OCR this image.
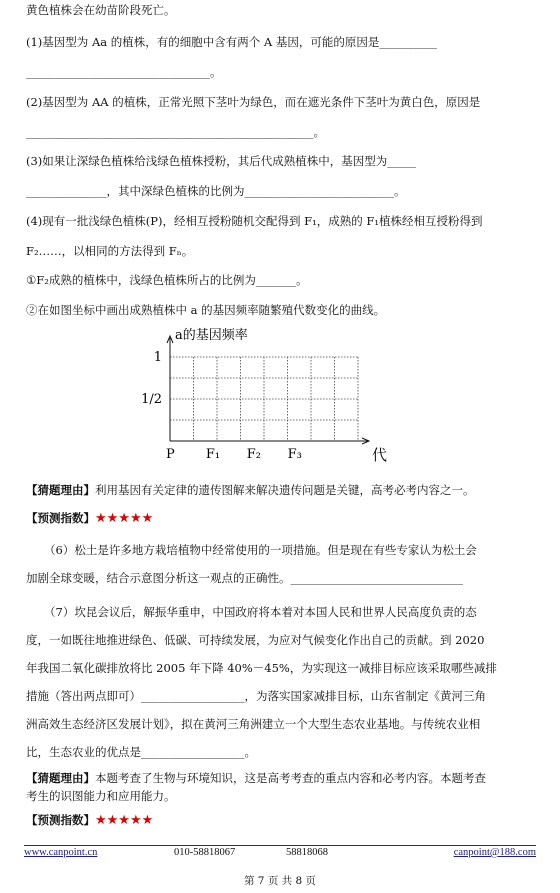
黄色植株会在幼苗阶段死亡。
(1)基因型为 Aa 的植株，有的细胞中含有两个 A 基因，可能的原因是__________
________________________________。
(2)基因型为 AA 的植株，正常光照下茎叶为绿色，而在遮光条件下茎叶为黄白色，原因是
__________________________________________________。
(3)如果让深绿色植株给浅绿色植株授粉，其后代成熟植株中，基因型为_____
______________，其中深绿色植株的比例为__________________________。
(4)现有一批浅绿色植株(P)，经相互授粉随机交配得到 F₁，成熟的 F₁植株经相互授粉得到
F₂……，以相同的方法得到 Fₙ。
①F₂成熟的植株中，浅绿色植株所占的比例为_______。
②在如图坐标中画出成熟植株中 a 的基因频率随繁殖代数变化的曲线。
a的基因频率
代
1
1/2
P F₁ F₂ F₃
【猜题理由】利用基因有关定律的遗传图解来解决遗传问题是关键，高考必考内容之一。
【预测指数】★★★★★
（6）松土是许多地方栽培植物中经常使用的一项措施。但是现在有些专家认为松土会
加剧全球变暖，结合示意图分析这一观点的正确性。______________________________
（7）坎昆会议后，解振华重申，中国政府将本着对本国人民和世界人民高度负责的态
度，一如既往地推进绿色、低碳、可持续发展，为应对气候变化作出自己的贡献。到 2020
年我国二氧化碳排放将比 2005 年下降 40%－45%，为实现这一减排目标应该采取哪些减排
措施（答出两点即可）__________________，为落实国家减排目标，山东省制定《黄河三角
洲高效生态经济区发展计划》，拟在黄河三角洲建立一个大型生态农业基地。与传统农业相
比，生态农业的优点是__________________。
【猜题理由】本题考查了生物与环境知识，这是高考考查的重点内容和必考内容。本题考查
考生的识图能力和应用能力。
【预测指数】★★★★★
www.canpoint.cn	010-58818067	58818068	canpoint@188.com
第 7 页 共 8 页
